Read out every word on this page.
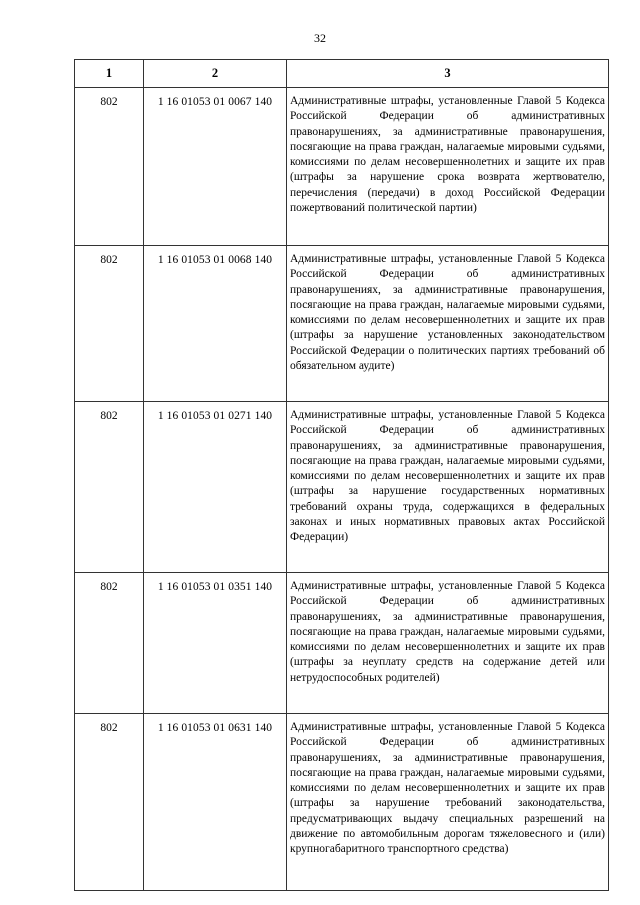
32
1	2	3
802	1 16 01053 01 0067 140	Административные штрафы, установленные Главой 5 Кодекса Российской Федерации об административных правонарушениях, за административные правонарушения, посягающие на права граждан, налагаемые мировыми судьями, комиссиями по делам несовершеннолетних и защите их прав (штрафы за нарушение срока возврата жертвователю, перечисления (передачи) в доход Российской Федерации пожертвований политической партии)
802	1 16 01053 01 0068 140	Административные штрафы, установленные Главой 5 Кодекса Российской Федерации об административных правонарушениях, за административные правонарушения, посягающие на права граждан, налагаемые мировыми судьями, комиссиями по делам несовершеннолетних и защите их прав (штрафы за нарушение установленных законодательством Российской Федерации о политических партиях требований об обязательном аудите)
802	1 16 01053 01 0271 140	Административные штрафы, установленные Главой 5 Кодекса Российской Федерации об административных правонарушениях, за административные правонарушения, посягающие на права граждан, налагаемые мировыми судьями, комиссиями по делам несовершеннолетних и защите их прав (штрафы за нарушение государственных нормативных требований охраны труда, содержащихся в федеральных законах и иных нормативных правовых актах Российской Федерации)
802	1 16 01053 01 0351 140	Административные штрафы, установленные Главой 5 Кодекса Российской Федерации об административных правонарушениях, за административные правонарушения, посягающие на права граждан, налагаемые мировыми судьями, комиссиями по делам несовершеннолетних и защите их прав (штрафы за неуплату средств на содержание детей или нетрудоспособных родителей)
802	1 16 01053 01 0631 140	Административные штрафы, установленные Главой 5 Кодекса Российской Федерации об административных правонарушениях, за административные правонарушения, посягающие на права граждан, налагаемые мировыми судьями, комиссиями по делам несовершеннолетних и защите их прав (штрафы за нарушение требований законодательства, предусматривающих выдачу специальных разрешений на движение по автомобильным дорогам тяжеловесного и (или) крупногабаритного транспортного средства)
